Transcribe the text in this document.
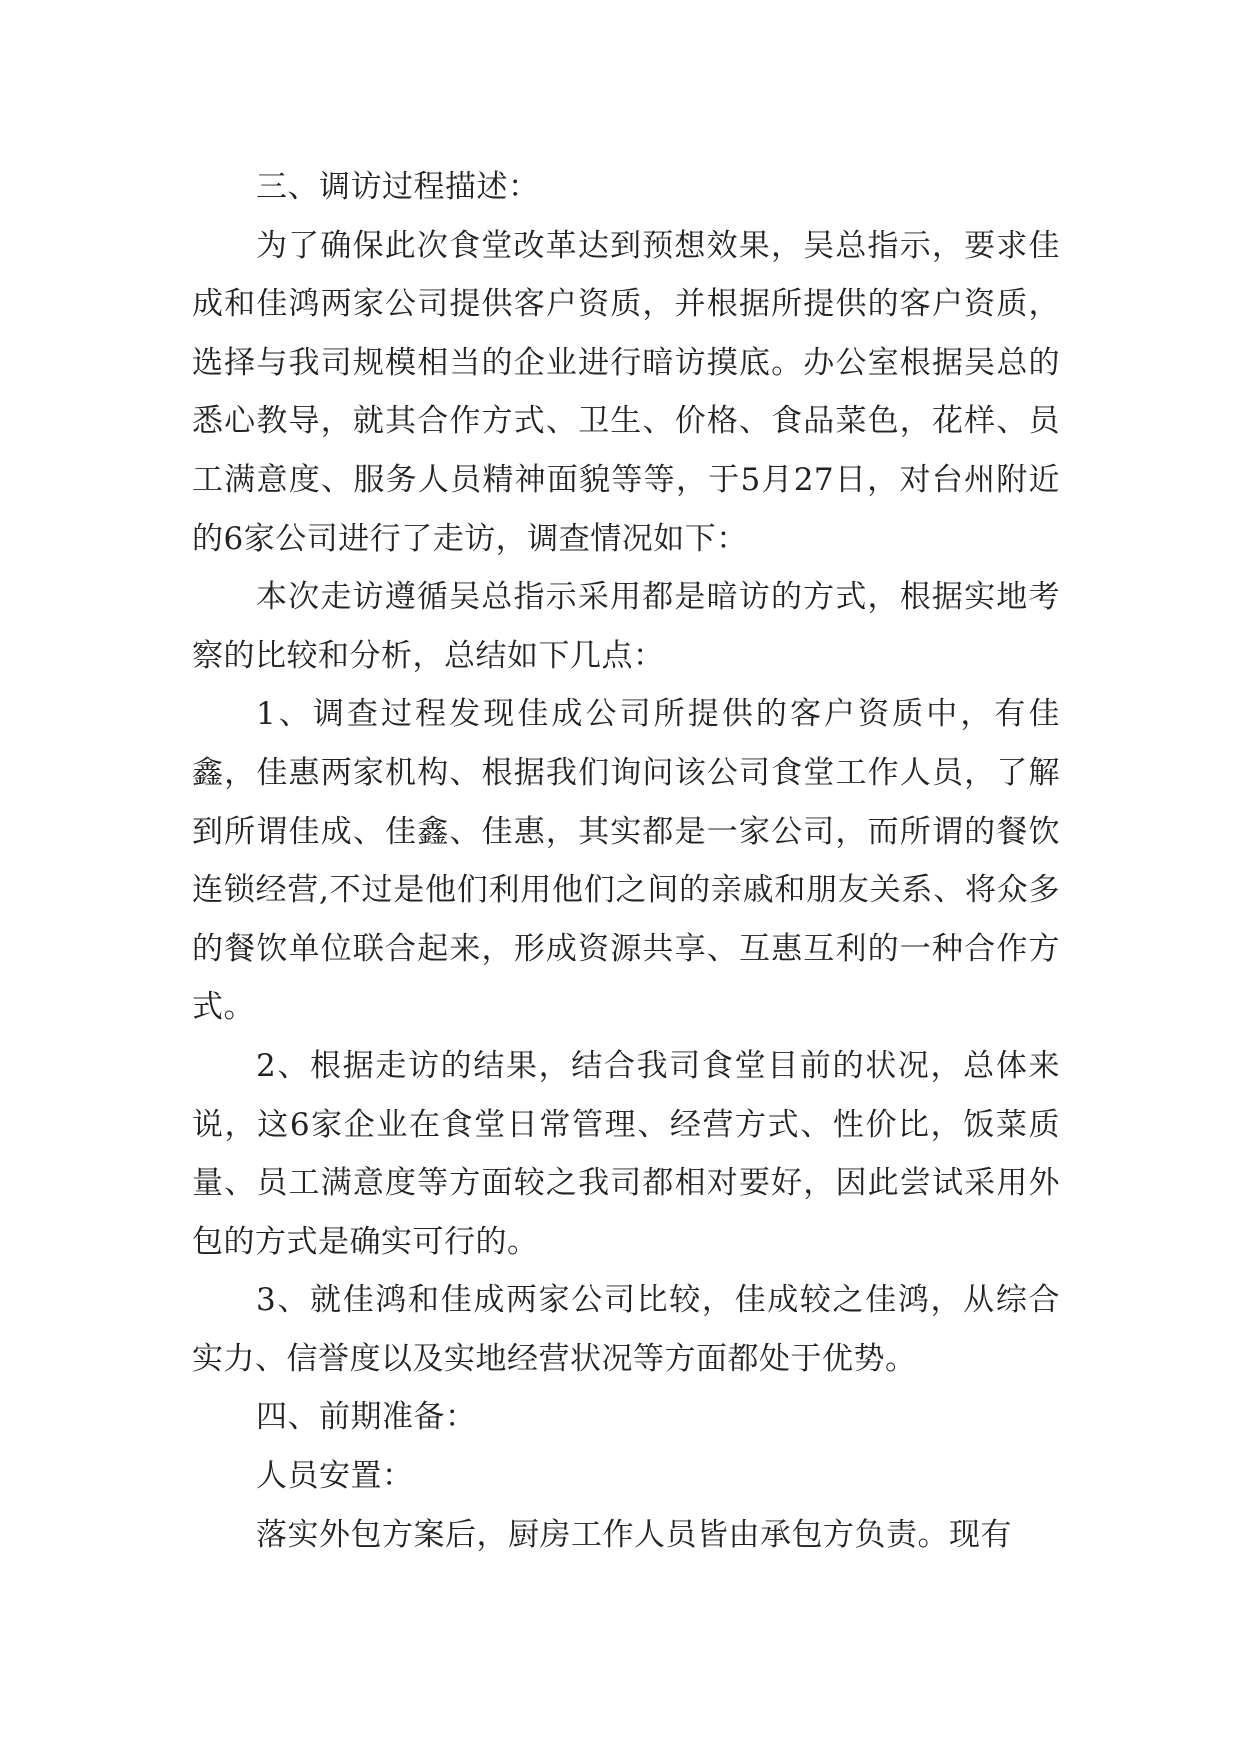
三、调访过程描述：

为了确保此次食堂改革达到预想效果，吴总指示，要求佳成和佳鸿两家公司提供客户资质，并根据所提供的客户资质，选择与我司规模相当的企业进行暗访摸底。办公室根据吴总的悉心教导，就其合作方式、卫生、价格、食品菜色，花样、员工满意度、服务人员精神面貌等等，于5月27日，对台州附近的6家公司进行了走访，调查情况如下：

本次走访遵循吴总指示采用都是暗访的方式，根据实地考察的比较和分析，总结如下几点：

1、调查过程发现佳成公司所提供的客户资质中，有佳鑫，佳惠两家机构、根据我们询问该公司食堂工作人员，了解到所谓佳成、佳鑫、佳惠，其实都是一家公司，而所谓的餐饮连锁经营,不过是他们利用他们之间的亲戚和朋友关系、将众多的餐饮单位联合起来，形成资源共享、互惠互利的一种合作方式。

2、根据走访的结果，结合我司食堂目前的状况，总体来说，这6家企业在食堂日常管理、经营方式、性价比，饭菜质量、员工满意度等方面较之我司都相对要好，因此尝试采用外包的方式是确实可行的。

3、就佳鸿和佳成两家公司比较，佳成较之佳鸿，从综合实力、信誉度以及实地经营状况等方面都处于优势。

四、前期准备：

人员安置：

落实外包方案后，厨房工作人员皆由承包方负责。现有
